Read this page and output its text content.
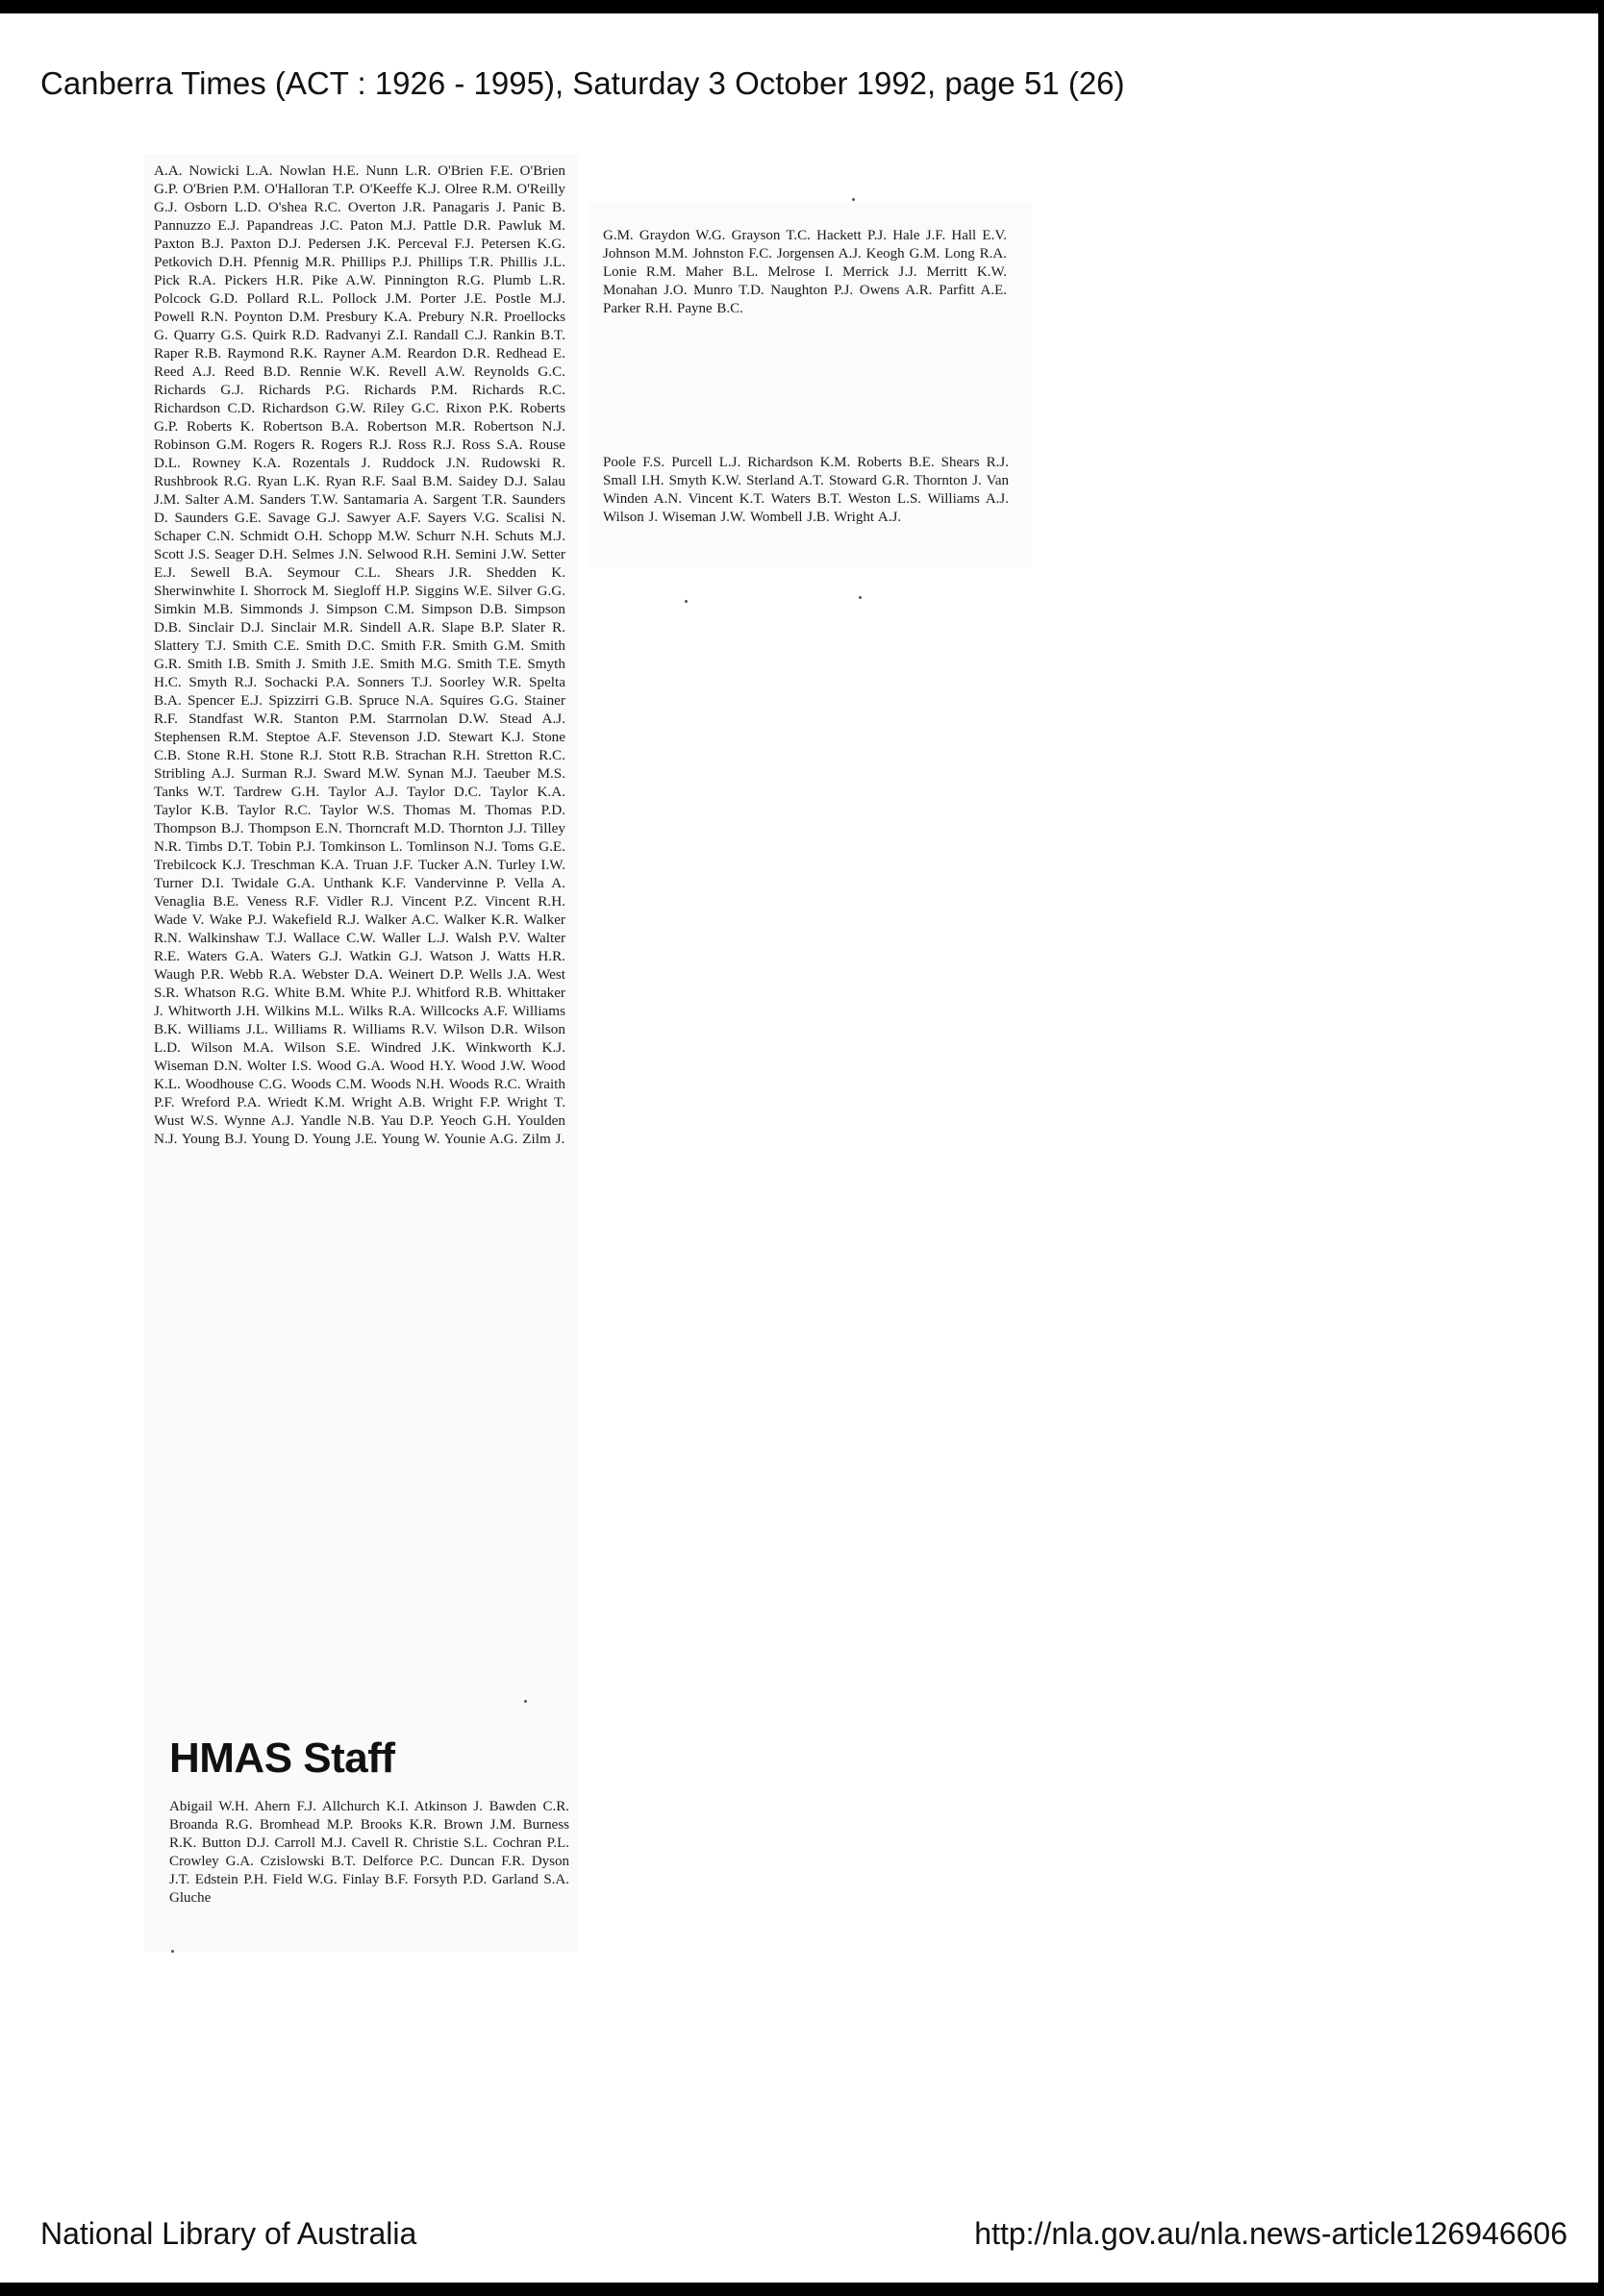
Canberra Times (ACT : 1926 - 1995), Saturday 3 October 1992, page 51 (26)
A.A. Nowicki L.A. Nowlan H.E. Nunn L.R. O'Brien F.E. O'Brien G.P. O'Brien P.M. O'Halloran T.P. O'Keeffe K.J. Olree R.M. O'Reilly G.J. Osborn L.D. O'shea R.C. Overton J.R. Panagaris J. Panic B. Pannuzzo E.J. Papandreas J.C. Paton M.J. Pattle D.R. Pawluk M. Paxton B.J. Paxton D.J. Pedersen J.K. Perceval F.J. Petersen K.G. Petkovich D.H. Pfennig M.R. Phillips P.J. Phillips T.R. Phillis J.L. Pick R.A. Pickers H.R. Pike A.W. Pinnington R.G. Plumb L.R. Polcock G.D. Pollard R.L. Pollock J.M. Porter J.E. Postle M.J. Powell R.N. Poynton D.M. Presbury K.A. Prebury N.R. Proellocks G. Quarry G.S. Quirk R.D. Radvanyi Z.I. Randall C.J. Rankin B.T. Raper R.B. Raymond R.K. Rayner A.M. Reardon D.R. Redhead E. Reed A.J. Reed B.D. Rennie W.K. Revell A.W. Reynolds G.C. Richards G.J. Richards P.G. Richards P.M. Richards R.C. Richardson C.D. Richardson G.W. Riley G.C. Rixon P.K. Roberts G.P. Roberts K. Robertson B.A. Robertson M.R. Robertson N.J. Robinson G.M. Rogers R. Rogers R.J. Ross R.J. Ross S.A. Rouse D.L. Rowney K.A. Rozentals J. Ruddock J.N. Rudowski R. Rushbrook R.G. Ryan L.K. Ryan R.F. Saal B.M. Saidey D.J. Salau J.M. Salter A.M. Sanders T.W. Santamaria A. Sargent T.R. Saunders D. Saunders G.E. Savage G.J. Sawyer A.F. Sayers V.G. Scalisi N. Schaper C.N. Schmidt O.H. Schopp M.W. Schurr N.H. Schuts M.J. Scott J.S. Seager D.H. Selmes J.N. Selwood R.H. Semini J.W. Setter E.J. Sewell B.A. Seymour C.L. Shears J.R. Shedden K. Sherwinwhite I. Shorrock M. Siegloff H.P. Siggins W.E. Silver G.G. Simkin M.B. Simmonds J. Simpson C.M. Simpson D.B. Simpson D.B. Sinclair D.J. Sinclair M.R. Sindell A.R. Slape B.P. Slater R. Slattery T.J. Smith C.E. Smith D.C. Smith F.R. Smith G.M. Smith G.R. Smith I.B. Smith J. Smith J.E. Smith M.G. Smith T.E. Smyth H.C. Smyth R.J. Sochacki P.A. Sonners T.J. Soorley W.R. Spelta B.A. Spencer E.J. Spizzirri G.B. Spruce N.A. Squires G.G. Stainer R.F. Standfast W.R. Stanton P.M. Starrnolan D.W. Stead A.J. Stephensen R.M. Steptoe A.F. Stevenson J.D. Stewart K.J. Stone C.B. Stone R.H. Stone R.J. Stott R.B. Strachan R.H. Stretton R.C. Stribling A.J. Surman R.J. Sward M.W. Synan M.J. Taeuber M.S. Tanks W.T. Tardrew G.H. Taylor A.J. Taylor D.C. Taylor K.A. Taylor K.B. Taylor R.C. Taylor W.S. Thomas M. Thomas P.D. Thompson B.J. Thompson E.N. Thorncraft M.D. Thornton J.J. Tilley N.R. Timbs D.T. Tobin P.J. Tomkinson L. Tomlinson N.J. Toms G.E. Trebilcock K.J. Treschman K.A. Truan J.F. Tucker A.N. Turley I.W. Turner D.I. Twidale G.A. Unthank K.F. Vandervinne P. Vella A. Venaglia B.E. Veness R.F. Vidler R.J. Vincent P.Z. Vincent R.H. Wade V. Wake P.J. Wakefield R.J. Walker A.C. Walker K.R. Walker R.N. Walkinshaw T.J. Wallace C.W. Waller L.J. Walsh P.V. Walter R.E. Waters G.A. Waters G.J. Watkin G.J. Watson J. Watts H.R. Waugh P.R. Webb R.A. Webster D.A. Weinert D.P. Wells J.A. West S.R. Whatson R.G. White B.M. White P.J. Whitford R.B. Whittaker J. Whitworth J.H. Wilkins M.L. Wilks R.A. Willcocks A.F. Williams B.K. Williams J.L. Williams R. Williams R.V. Wilson D.R. Wilson L.D. Wilson M.A. Wilson S.E. Windred J.K. Winkworth K.J. Wiseman D.N. Wolter I.S. Wood G.A. Wood H.Y. Wood J.W. Wood K.L. Woodhouse C.G. Woods C.M. Woods N.H. Woods R.C. Wraith P.F. Wreford P.A. Wriedt K.M. Wright A.B. Wright F.P. Wright T. Wust W.S. Wynne A.J. Yandle N.B. Yau D.P. Yeoch G.H. Youlden N.J. Young B.J. Young D. Young J.E. Young W. Younie A.G. Zilm J.
G.M. Graydon W.G. Grayson T.C. Hackett P.J. Hale J.F. Hall E.V. Johnson M.M. Johnston F.C. Jorgensen A.J. Keogh G.M. Long R.A. Lonie R.M. Maher B.L. Melrose I. Merrick J.J. Merritt K.W. Monahan J.O. Munro T.D. Naughton P.J. Owens A.R. Parfitt A.E. Parker R.H. Payne B.C.
Poole F.S. Purcell L.J. Richardson K.M. Roberts B.E. Shears R.J. Small I.H. Smyth K.W. Sterland A.T. Stoward G.R. Thornton J. Van Winden A.N. Vincent K.T. Waters B.T. Weston L.S. Williams A.J. Wilson J. Wiseman J.W. Wombell J.B. Wright A.J.
HMAS Staff
Abigail W.H. Ahern F.J. Allchurch K.I. Atkinson J. Bawden C.R. Broanda R.G. Bromhead M.P. Brooks K.R. Brown J.M. Burness R.K. Button D.J. Carroll M.J. Cavell R. Christie S.L. Cochran P.L. Crowley G.A. Czislowski B.T. Delforce P.C. Duncan F.R. Dyson J.T. Edstein P.H. Field W.G. Finlay B.F. Forsyth P.D. Garland S.A. Gluche
National Library of Australia	http://nla.gov.au/nla.news-article126946606
